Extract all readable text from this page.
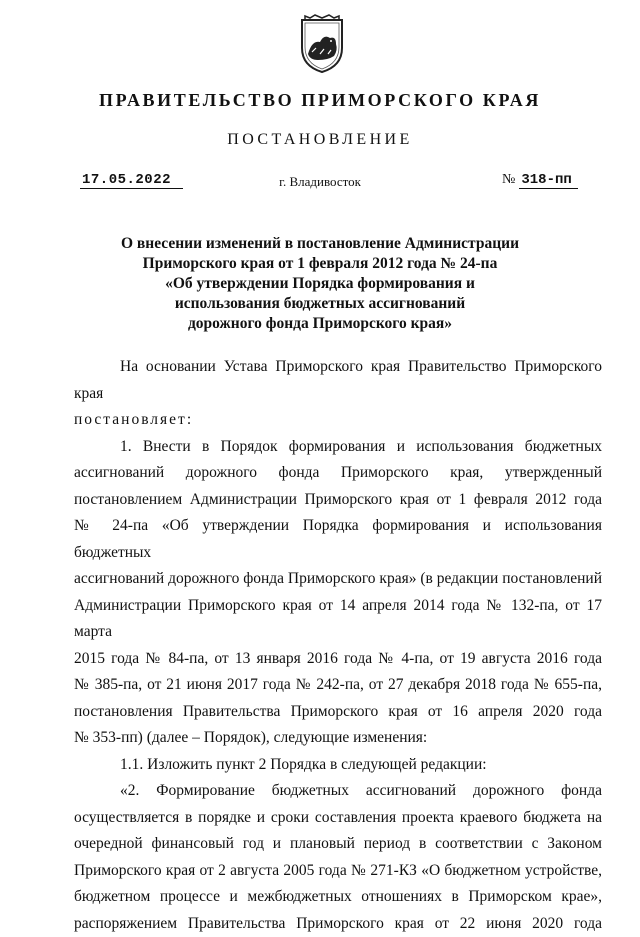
ПРАВИТЕЛЬСТВО ПРИМОРСКОГО КРАЯ
ПОСТАНОВЛЕНИЕ
17.05.2022	г. Владивосток	№ 318-пп
О внесении изменений в постановление Администрации
Приморского края от 1 февраля 2012 года № 24-па
«Об утверждении Порядка формирования и
использования бюджетных ассигнований
дорожного фонда Приморского края»

На основании Устава Приморского края Правительство Приморского края

постановляет:

1. Внести в Порядок формирования и использования бюджетных

ассигнований дорожного фонда Приморского края, утвержденный

постановлением Администрации Приморского края от 1 февраля 2012 года

№ 24-па «Об утверждении Порядка формирования и использования бюджетных

ассигнований дорожного фонда Приморского края» (в редакции постановлений

Администрации Приморского края от 14 апреля 2014 года № 132-па, от 17 марта

2015 года № 84-па, от 13 января 2016 года № 4-па, от 19 августа 2016 года

№ 385-па, от 21 июня 2017 года № 242-па, от 27 декабря 2018 года № 655-па,

постановления Правительства Приморского края от 16 апреля 2020 года

№ 353-пп) (далее – Порядок), следующие изменения:

1.1. Изложить пункт 2 Порядка в следующей редакции:

«2. Формирование бюджетных ассигнований дорожного фонда

осуществляется в порядке и сроки составления проекта краевого бюджета на

очередной финансовый год и плановый период в соответствии с Законом

Приморского края от 2 августа 2005 года № 271-КЗ «О бюджетном устройстве,

бюджетном процессе и межбюджетных отношениях в Приморском крае»,

распоряжением Правительства Приморского края от 22 июня 2020 года
